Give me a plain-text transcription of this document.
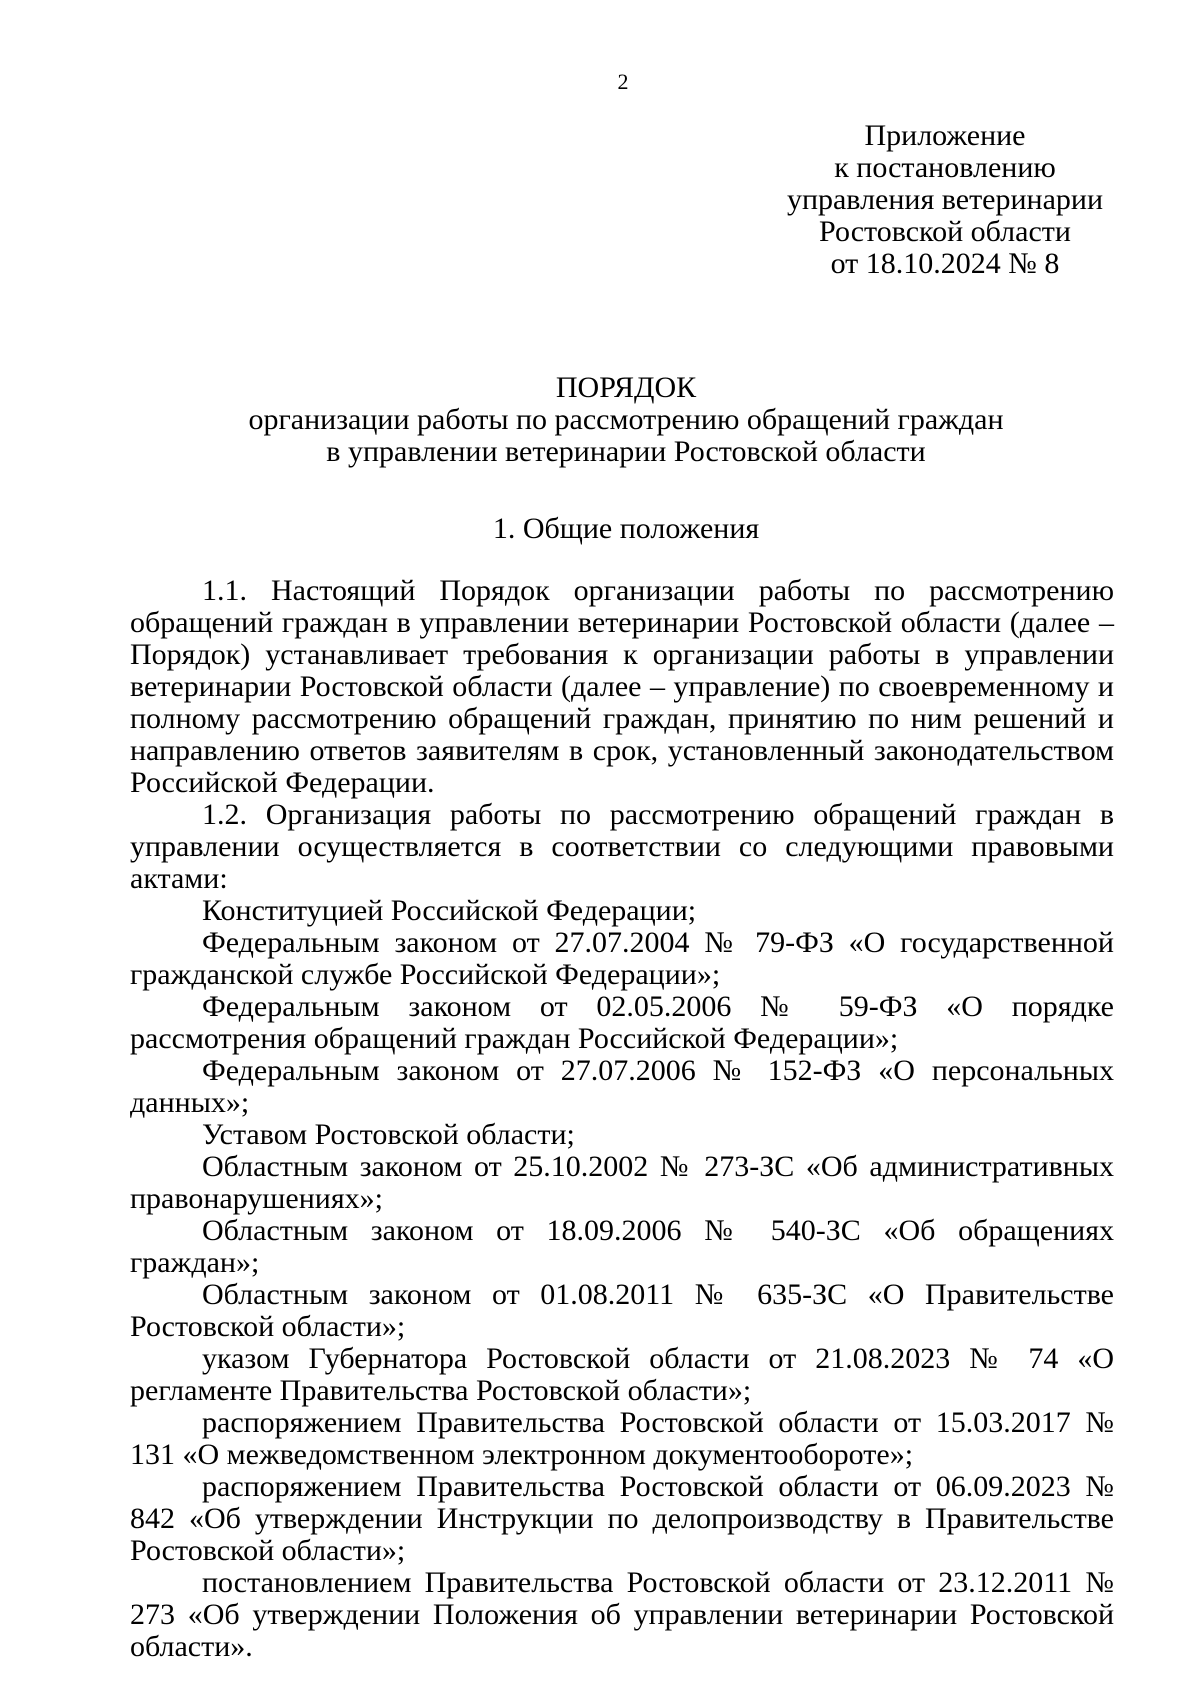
2
Приложение
к постановлению
управления ветеринарии
Ростовской области
от 18.10.2024 № 8
ПОРЯДОК
организации работы по рассмотрению обращений граждан
в управлении ветеринарии Ростовской области
1. Общие положения

1.1. Настоящий Порядок организации работы по рассмотрению обращений граждан в управлении ветеринарии Ростовской области (далее – Порядок) устанавливает требования к организации работы в управлении ветеринарии Ростовской области (далее – управление) по своевременному и полному рассмотрению обращений граждан, принятию по ним решений и направлению ответов заявителям в срок, установленный законодательством Российской Федерации.

1.2. Организация работы по рассмотрению обращений граждан в управлении осуществляется в соответствии со следующими правовыми актами:

Конституцией Российской Федерации;

Федеральным законом от 27.07.2004 № 79-ФЗ «О государственной гражданской службе Российской Федерации»;

Федеральным законом от 02.05.2006 № 59-ФЗ «О порядке рассмотрения обращений граждан Российской Федерации»;

Федеральным законом от 27.07.2006 № 152-ФЗ «О персональных данных»;

Уставом Ростовской области;

Областным законом от 25.10.2002 № 273-ЗС «Об административных правонарушениях»;

Областным законом от 18.09.2006 № 540-ЗС «Об обращениях граждан»;

Областным законом от 01.08.2011 № 635-ЗС «О Правительстве Ростовской области»;

указом Губернатора Ростовской области от 21.08.2023 № 74 «О регламенте Правительства Ростовской области»;

распоряжением Правительства Ростовской области от 15.03.2017 № 131 «О межведомственном электронном документообороте»;

распоряжением Правительства Ростовской области от 06.09.2023 № 842 «Об утверждении Инструкции по делопроизводству в Правительстве Ростовской области»;

постановлением Правительства Ростовской области от 23.12.2011 № 273 «Об утверждении Положения об управлении ветеринарии Ростовской области».
